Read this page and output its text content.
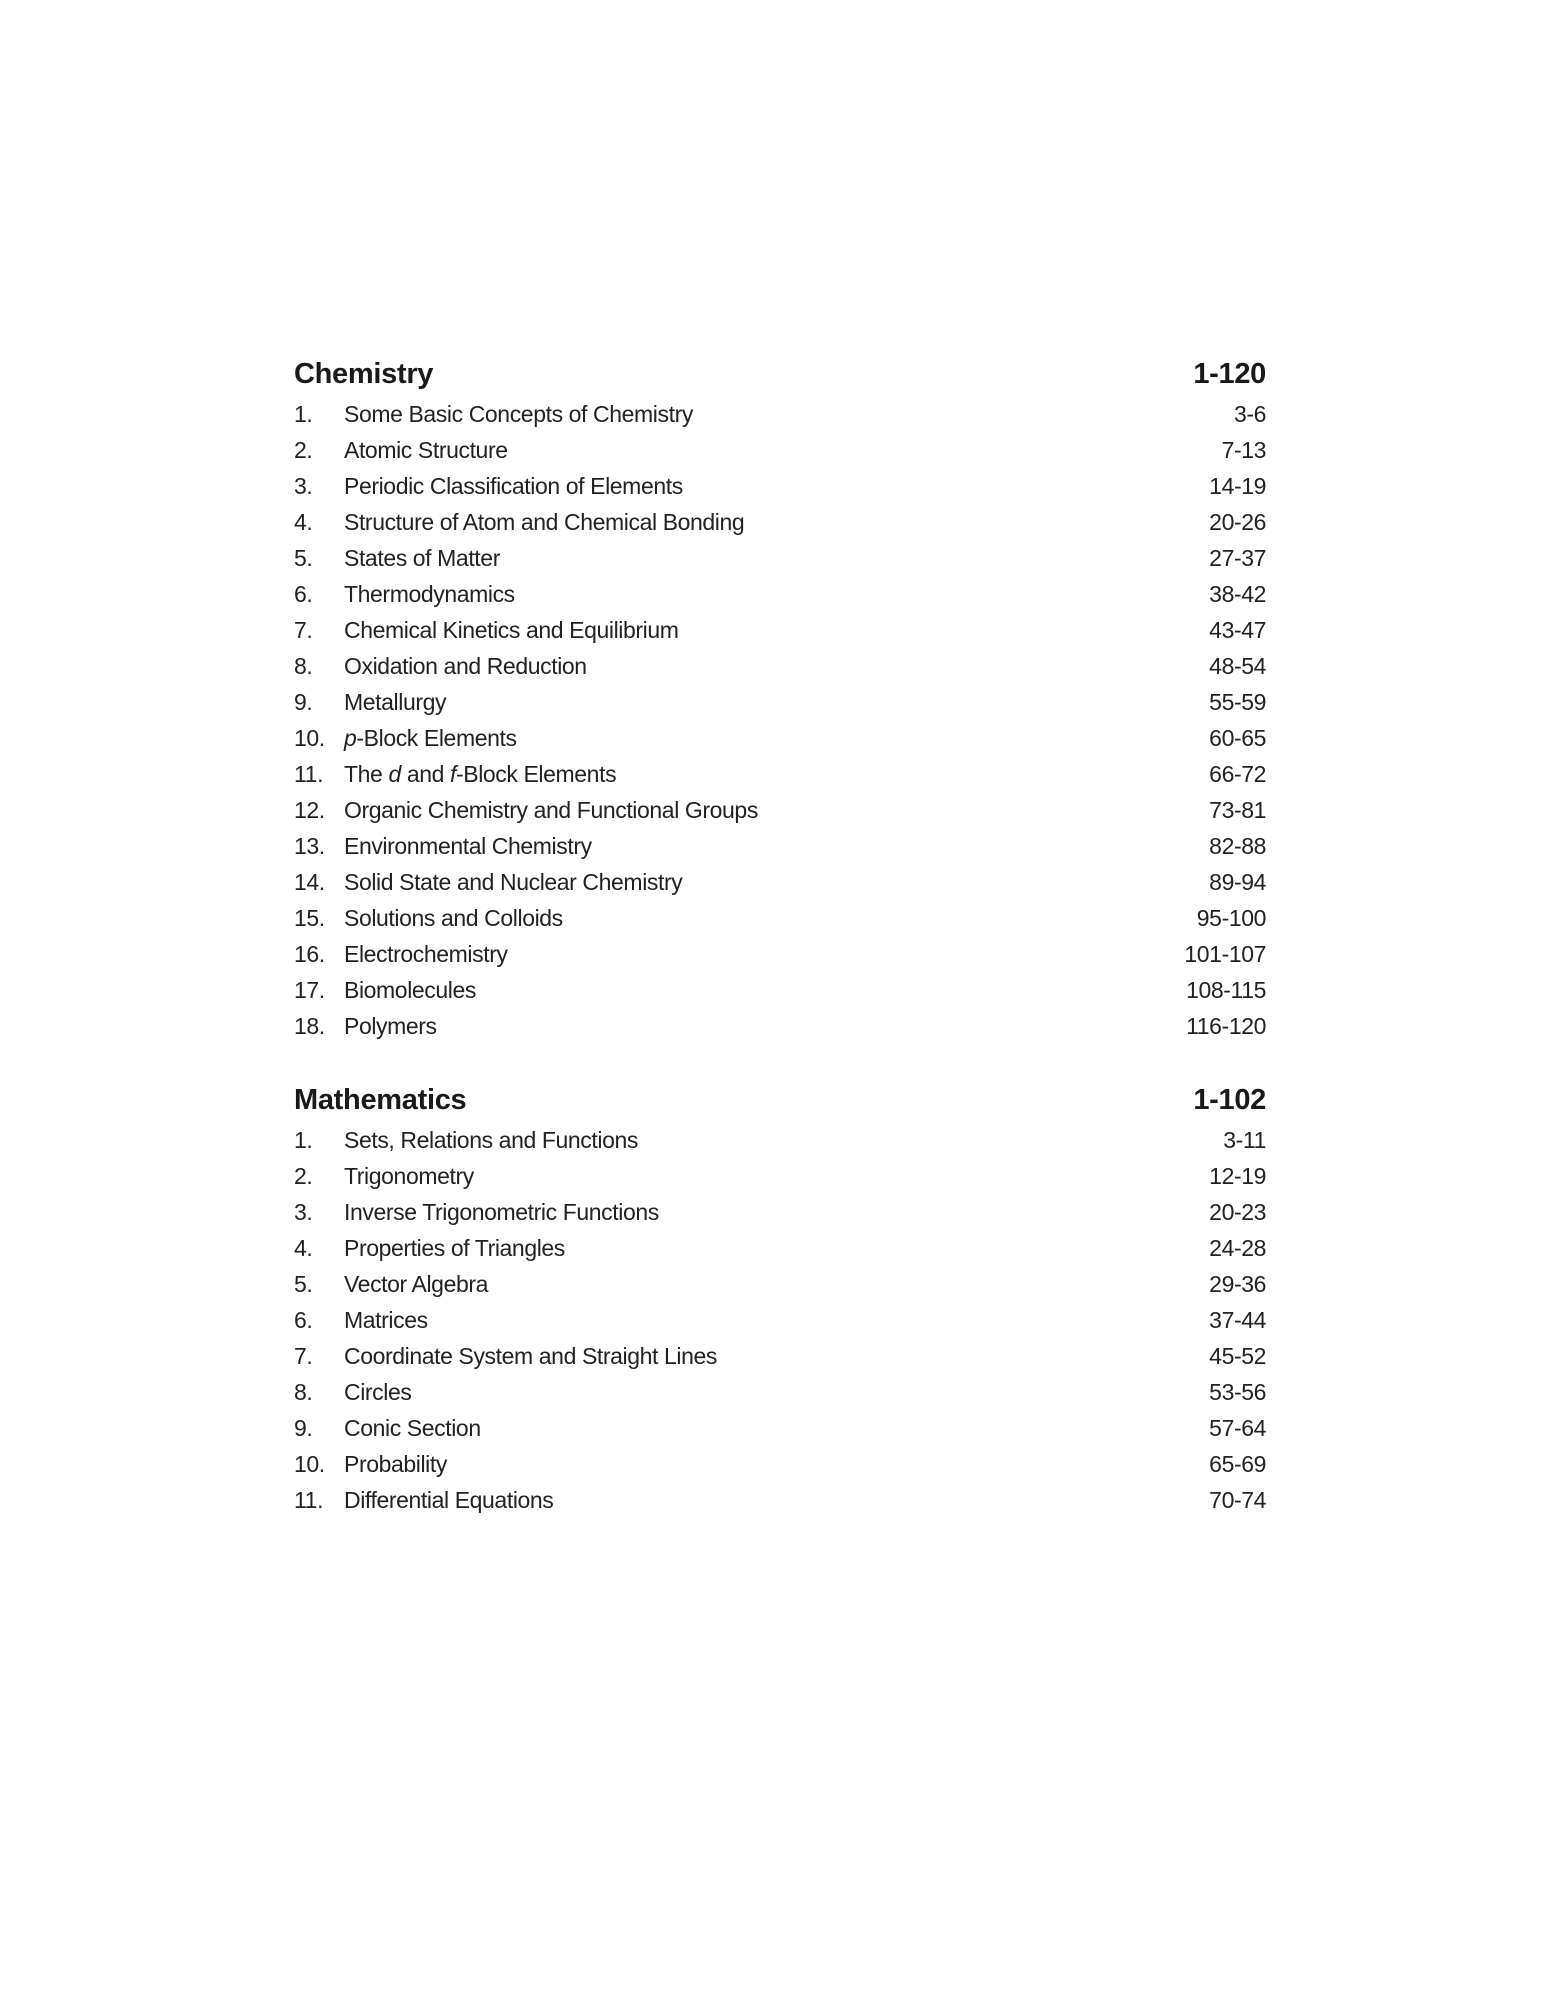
Chemistry	1-120
1.	Some Basic Concepts of Chemistry	3-6
2.	Atomic Structure	7-13
3.	Periodic Classification of Elements	14-19
4.	Structure of Atom and Chemical Bonding	20-26
5.	States of Matter	27-37
6.	Thermodynamics	38-42
7.	Chemical Kinetics and Equilibrium	43-47
8.	Oxidation and Reduction	48-54
9.	Metallurgy	55-59
10. p-Block Elements	60-65
11. The d and f-Block Elements	66-72
12. Organic Chemistry and Functional Groups	73-81
13. Environmental Chemistry	82-88
14. Solid State and Nuclear Chemistry	89-94
15. Solutions and Colloids	95-100
16. Electrochemistry	101-107
17. Biomolecules	108-115
18. Polymers	116-120
Mathematics	1-102
1.	Sets, Relations and Functions	3-11
2.	Trigonometry	12-19
3.	Inverse Trigonometric Functions	20-23
4.	Properties of Triangles	24-28
5.	Vector Algebra	29-36
6.	Matrices	37-44
7.	Coordinate System and Straight Lines	45-52
8.	Circles	53-56
9.	Conic Section	57-64
10. Probability	65-69
11. Differential Equations	70-74
